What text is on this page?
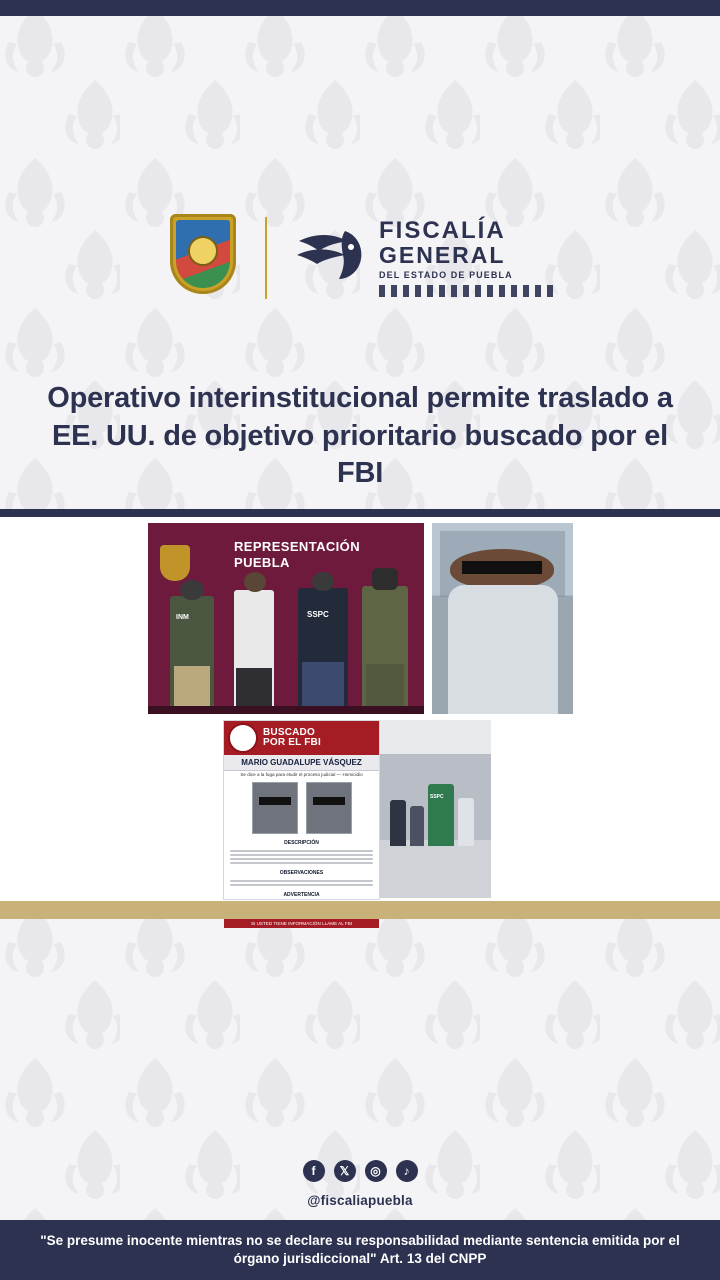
FISCALÍA
GENERAL
DEL ESTADO DE PUEBLA
Operativo interinstitucional permite traslado a EE. UU. de objetivo prioritario buscado por el FBI
REPRESENTACIÓN
PUEBLA
INM	SSPC
BUSCADO
POR EL FBI
MARIO GUADALUPE VÁSQUEZ
Se dice a la fuga para eludir el proceso judicial — Homicidio
DESCRIPCIÓN
OBSERVACIONES
ADVERTENCIA
SI USTED TIENE INFORMACIÓN LLAME AL FBI
SSPC
f	𝕏	◎	♪
@fiscaliapuebla
"Se presume inocente mientras no se declare su responsabilidad mediante sentencia emitida por el órgano jurisdiccional" Art. 13 del CNPP
